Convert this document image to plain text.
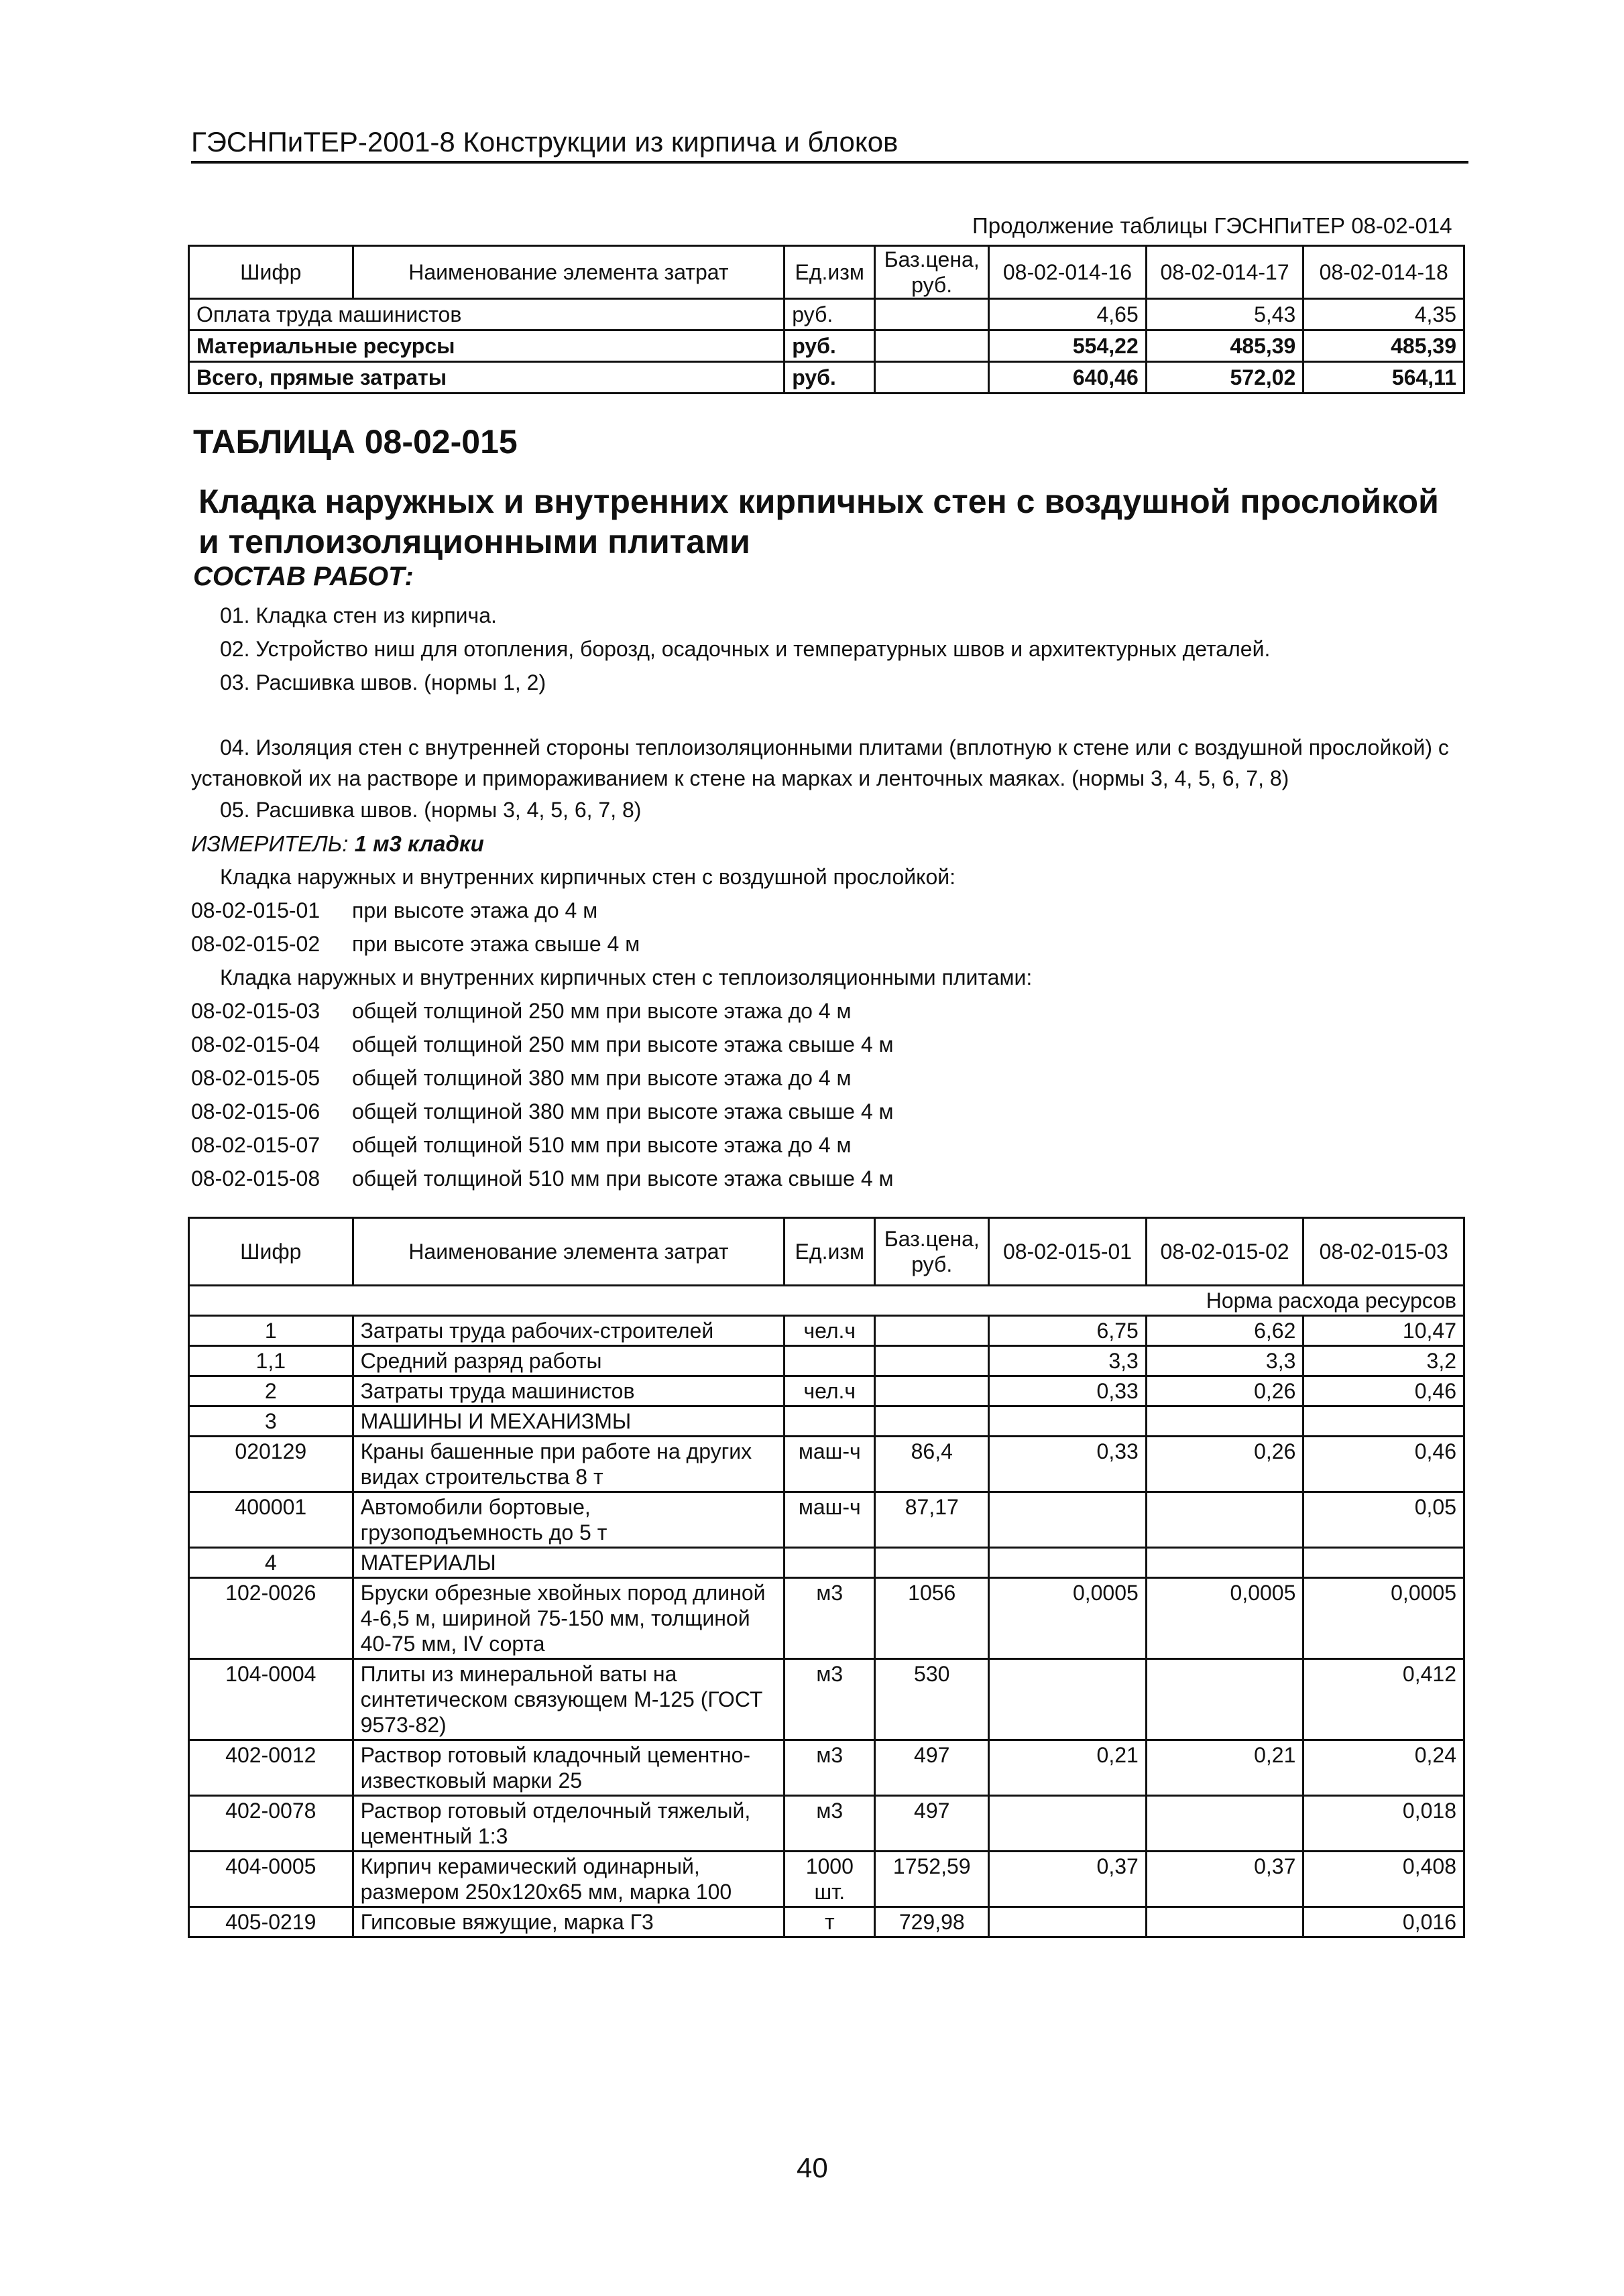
ГЭСНПиТЕР-2001-8 Конструкции из кирпича и блоков
Продолжение таблицы ГЭСНПиТЕР 08-02-014
Шифр	Наименование элемента затрат	Ед.изм	Баз.цена, руб.	08-02-014-16	08-02-014-17	08-02-014-18
Оплата труда машинистов		руб.		4,65	5,43	4,35
Материальные ресурсы		руб.		554,22	485,39	485,39
Всего, прямые затраты		руб.		640,46	572,02	564,11
ТАБЛИЦА 08-02-015
Кладка наружных и внутренних кирпичных стен с воздушной прослойкой и теплоизоляционными плитами
СОСТАВ РАБОТ:
01. Кладка стен из кирпича.
02. Устройство ниш для отопления, борозд, осадочных и температурных швов и архитектурных деталей.
03. Расшивка швов. (нормы 1, 2)
04. Изоляция стен с внутренней стороны теплоизоляционными плитами (вплотную к стене или с воздушной прослойкой) с установкой их на растворе и примораживанием к стене на марках и ленточных маяках. (нормы 3, 4, 5, 6, 7, 8)
05. Расшивка швов. (нормы 3, 4, 5, 6, 7, 8)
ИЗМЕРИТЕЛЬ: 1 м3 кладки
Кладка наружных и внутренних кирпичных стен с воздушной прослойкой:
08-02-015-01 при высоте этажа до 4 м
08-02-015-02 при высоте этажа свыше 4 м
Кладка наружных и внутренних кирпичных стен с теплоизоляционными плитами:
08-02-015-03 общей толщиной 250 мм при высоте этажа до 4 м
08-02-015-04 общей толщиной 250 мм при высоте этажа свыше 4 м
08-02-015-05 общей толщиной 380 мм при высоте этажа до 4 м
08-02-015-06 общей толщиной 380 мм при высоте этажа свыше 4 м
08-02-015-07 общей толщиной 510 мм при высоте этажа до 4 м
08-02-015-08 общей толщиной 510 мм при высоте этажа свыше 4 м
Шифр	Наименование элемента затрат	Ед.изм	Баз.цена, руб.	08-02-015-01	08-02-015-02	08-02-015-03
Норма расхода ресурсов						
1	Затраты труда рабочих-строителей	чел.ч		6,75	6,62	10,47
1,1	Средний разряд работы			3,3	3,3	3,2
2	Затраты труда машинистов	чел.ч		0,33	0,26	0,46
3	МАШИНЫ И МЕХАНИЗМЫ					
020129	Краны башенные при работе на других видах строительства 8 т	маш-ч	86,4	0,33	0,26	0,46
400001	Автомобили бортовые, грузоподъемность до 5 т	маш-ч	87,17			0,05
4	МАТЕРИАЛЫ					
102-0026	Бруски обрезные хвойных пород длиной 4-6,5 м, шириной 75-150 мм, толщиной 40-75 мм, IV сорта	м3	1056	0,0005	0,0005	0,0005
104-0004	Плиты из минеральной ваты на синтетическом связующем М-125 (ГОСТ 9573-82)	м3	530			0,412
402-0012	Раствор готовый кладочный цементно-известковый марки 25	м3	497	0,21	0,21	0,24
402-0078	Раствор готовый отделочный тяжелый, цементный 1:3	м3	497			0,018
404-0005	Кирпич керамический одинарный, размером 250х120х65 мм, марка 100	1000 шт.	1752,59	0,37	0,37	0,408
405-0219	Гипсовые вяжущие, марка Г3	т	729,98			0,016
40
